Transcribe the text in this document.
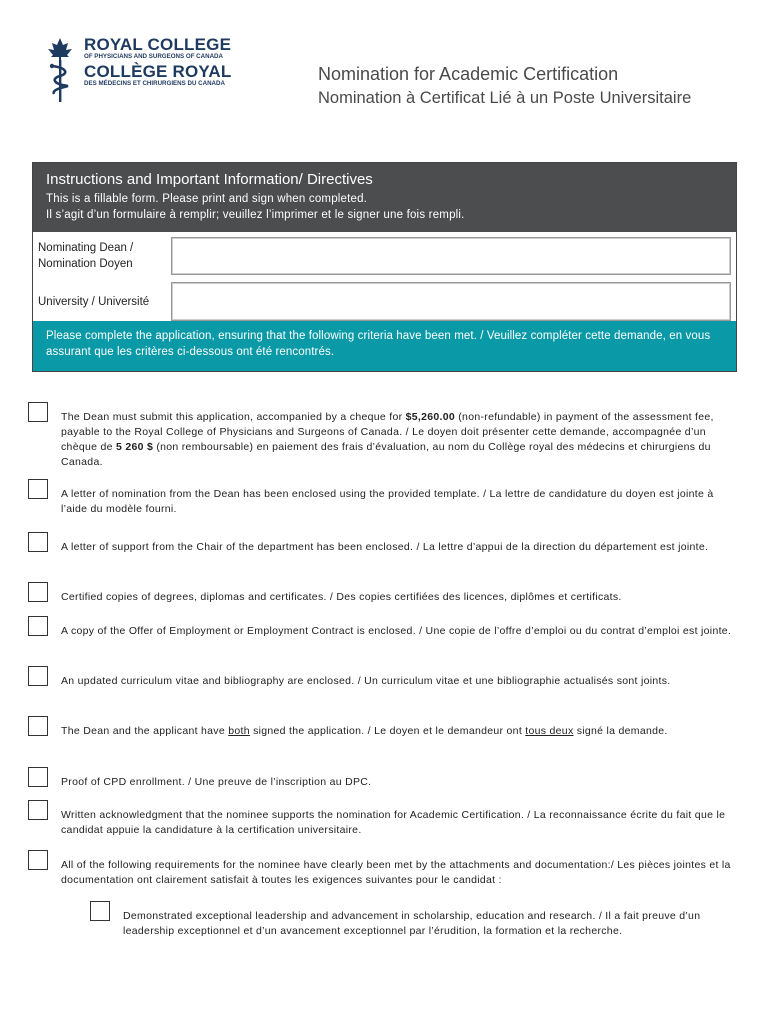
ROYAL COLLEGE
OF PHYSICIANS AND SURGEONS OF CANADA
COLLÈGE ROYAL
DES MÉDECINS ET CHIRURGIENS DU CANADA	Nomination for Academic Certification

Nomination à Certificat Lié à un Poste Universitaire

Instructions and Important Information/ Directives

This is a fillable form. Please print and sign when completed.

Il s’agit d’un formulaire à remplir; veuillez l’imprimer et le signer une fois rempli.

Nominating Dean /
Nomination Doyen
University / Université
Please complete the application, ensuring that the following criteria have been met. / Veuillez compléter cette demande, en vous assurant que les critères ci-dessous ont été rencontrés.
The Dean must submit this application, accompanied by a cheque for $5,260.00 (non-refundable) in payment of the assessment fee, payable to the Royal College of Physicians and Surgeons of Canada. / Le doyen doit présenter cette demande, accompagnée d’un chèque de 5 260 $ (non remboursable) en paiement des frais d’évaluation, au nom du Collège royal des médecins et chirurgiens du Canada.
A letter of nomination from the Dean has been enclosed using the provided template. / La lettre de candidature du doyen est jointe à l’aide du modèle fourni.
A letter of support from the Chair of the department has been enclosed. / La lettre d’appui de la direction du département est jointe.
Certified copies of degrees, diplomas and certificates. / Des copies certifiées des licences, diplômes et certificats.
A copy of the Offer of Employment or Employment Contract is enclosed. / Une copie de l’offre d’emploi ou du contrat d’emploi est jointe.
An updated curriculum vitae and bibliography are enclosed. / Un curriculum vitae et une bibliographie actualisés sont joints.
The Dean and the applicant have both signed the application. / Le doyen et le demandeur ont tous deux signé la demande.
Proof of CPD enrollment. / Une preuve de l’inscription au DPC.
Written acknowledgment that the nominee supports the nomination for Academic Certification. / La reconnaissance écrite du fait que le candidat appuie la candidature à la certification universitaire.
All of the following requirements for the nominee have clearly been met by the attachments and documentation:/ Les pièces jointes et la documentation ont clairement satisfait à toutes les exigences suivantes pour le candidat :
Demonstrated exceptional leadership and advancement in scholarship, education and research. / Il a fait preuve d’un leadership exceptionnel et d’un avancement exceptionnel par l’érudition, la formation et la recherche.
